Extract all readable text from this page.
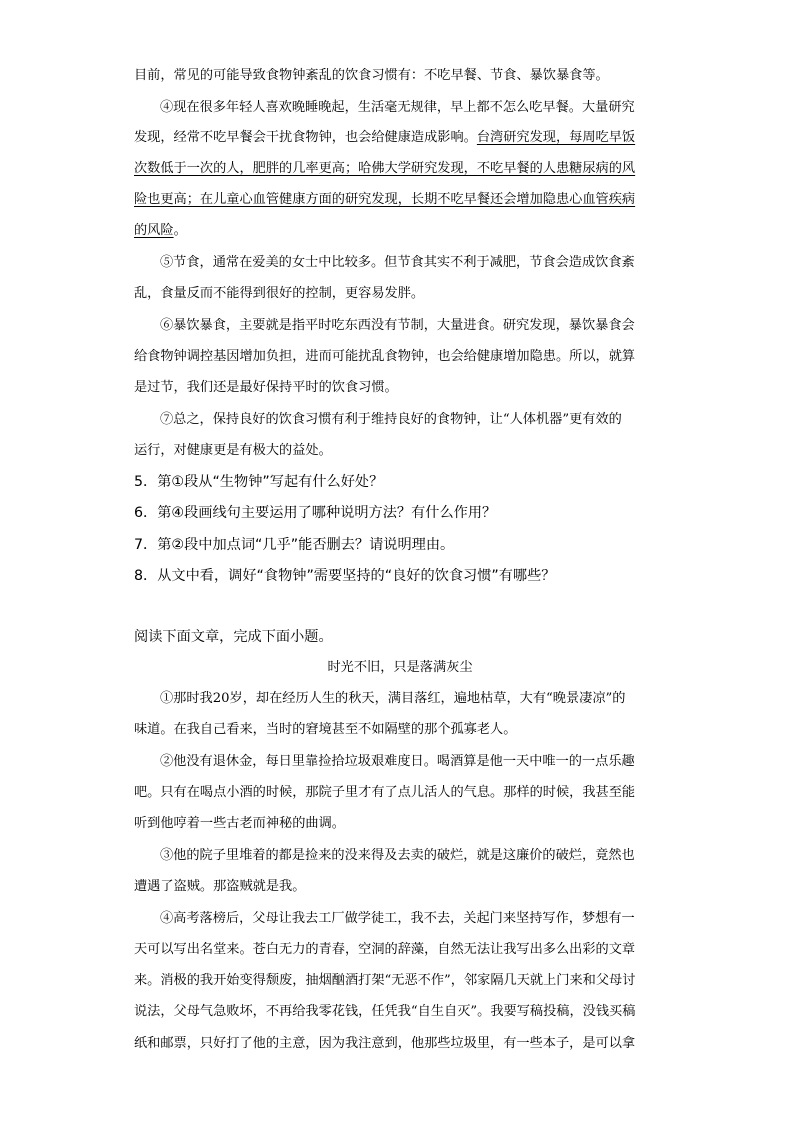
目前，常见的可能导致食物钟紊乱的饮食习惯有：不吃早餐、节食、暴饮暴食等。
④现在很多年轻人喜欢晚睡晚起，生活毫无规律，早上都不怎么吃早餐。大量研究
发现，经常不吃早餐会干扰食物钟，也会给健康造成影响。台湾研究发现，每周吃早饭
次数低于一次的人，肥胖的几率更高；哈佛大学研究发现，不吃早餐的人患糖尿病的风
险也更高；在儿童心血管健康方面的研究发现，长期不吃早餐还会增加隐患心血管疾病
的风险。
⑤节食，通常在爱美的女士中比较多。但节食其实不利于减肥，节食会造成饮食紊
乱，食量反而不能得到很好的控制，更容易发胖。
⑥暴饮暴食，主要就是指平时吃东西没有节制，大量进食。研究发现，暴饮暴食会
给食物钟调控基因增加负担，进而可能扰乱食物钟，也会给健康增加隐患。所以，就算
是过节，我们还是最好保持平时的饮食习惯。
⑦总之，保持良好的饮食习惯有利于维持良好的食物钟，让“人体机器”更有效的
运行，对健康更是有极大的益处。
5．第①段从“生物钟”写起有什么好处？
6．第④段画线句主要运用了哪种说明方法？有什么作用？
7．第②段中加点词“几乎”能否删去？请说明理由。
8．从文中看，调好“食物钟”需要坚持的“良好的饮食习惯”有哪些？
阅读下面文章，完成下面小题。
时光不旧，只是落满灰尘
①那时我20岁，却在经历人生的秋天，满目落红，遍地枯草，大有“晚景凄凉”的
味道。在我自己看来，当时的窘境甚至不如隔壁的那个孤寡老人。
②他没有退休金，每日里靠捡拾垃圾艰难度日。喝酒算是他一天中唯一的一点乐趣
吧。只有在喝点小酒的时候，那院子里才有了点儿活人的气息。那样的时候，我甚至能
听到他哼着一些古老而神秘的曲调。
③他的院子里堆着的都是捡来的没来得及去卖的破烂，就是这廉价的破烂，竟然也
遭遇了盗贼。那盗贼就是我。
④高考落榜后，父母让我去工厂做学徒工，我不去，关起门来坚持写作，梦想有一
天可以写出名堂来。苍白无力的青春，空洞的辞藻，自然无法让我写出多么出彩的文章
来。消极的我开始变得颓废，抽烟酗酒打架“无恶不作”，邻家隔几天就上门来和父母讨
说法，父母气急败坏，不再给我零花钱，任凭我“自生自灭”。我要写稿投稿，没钱买稿
纸和邮票，只好打了他的主意，因为我注意到，他那些垃圾里，有一些本子，是可以拿
